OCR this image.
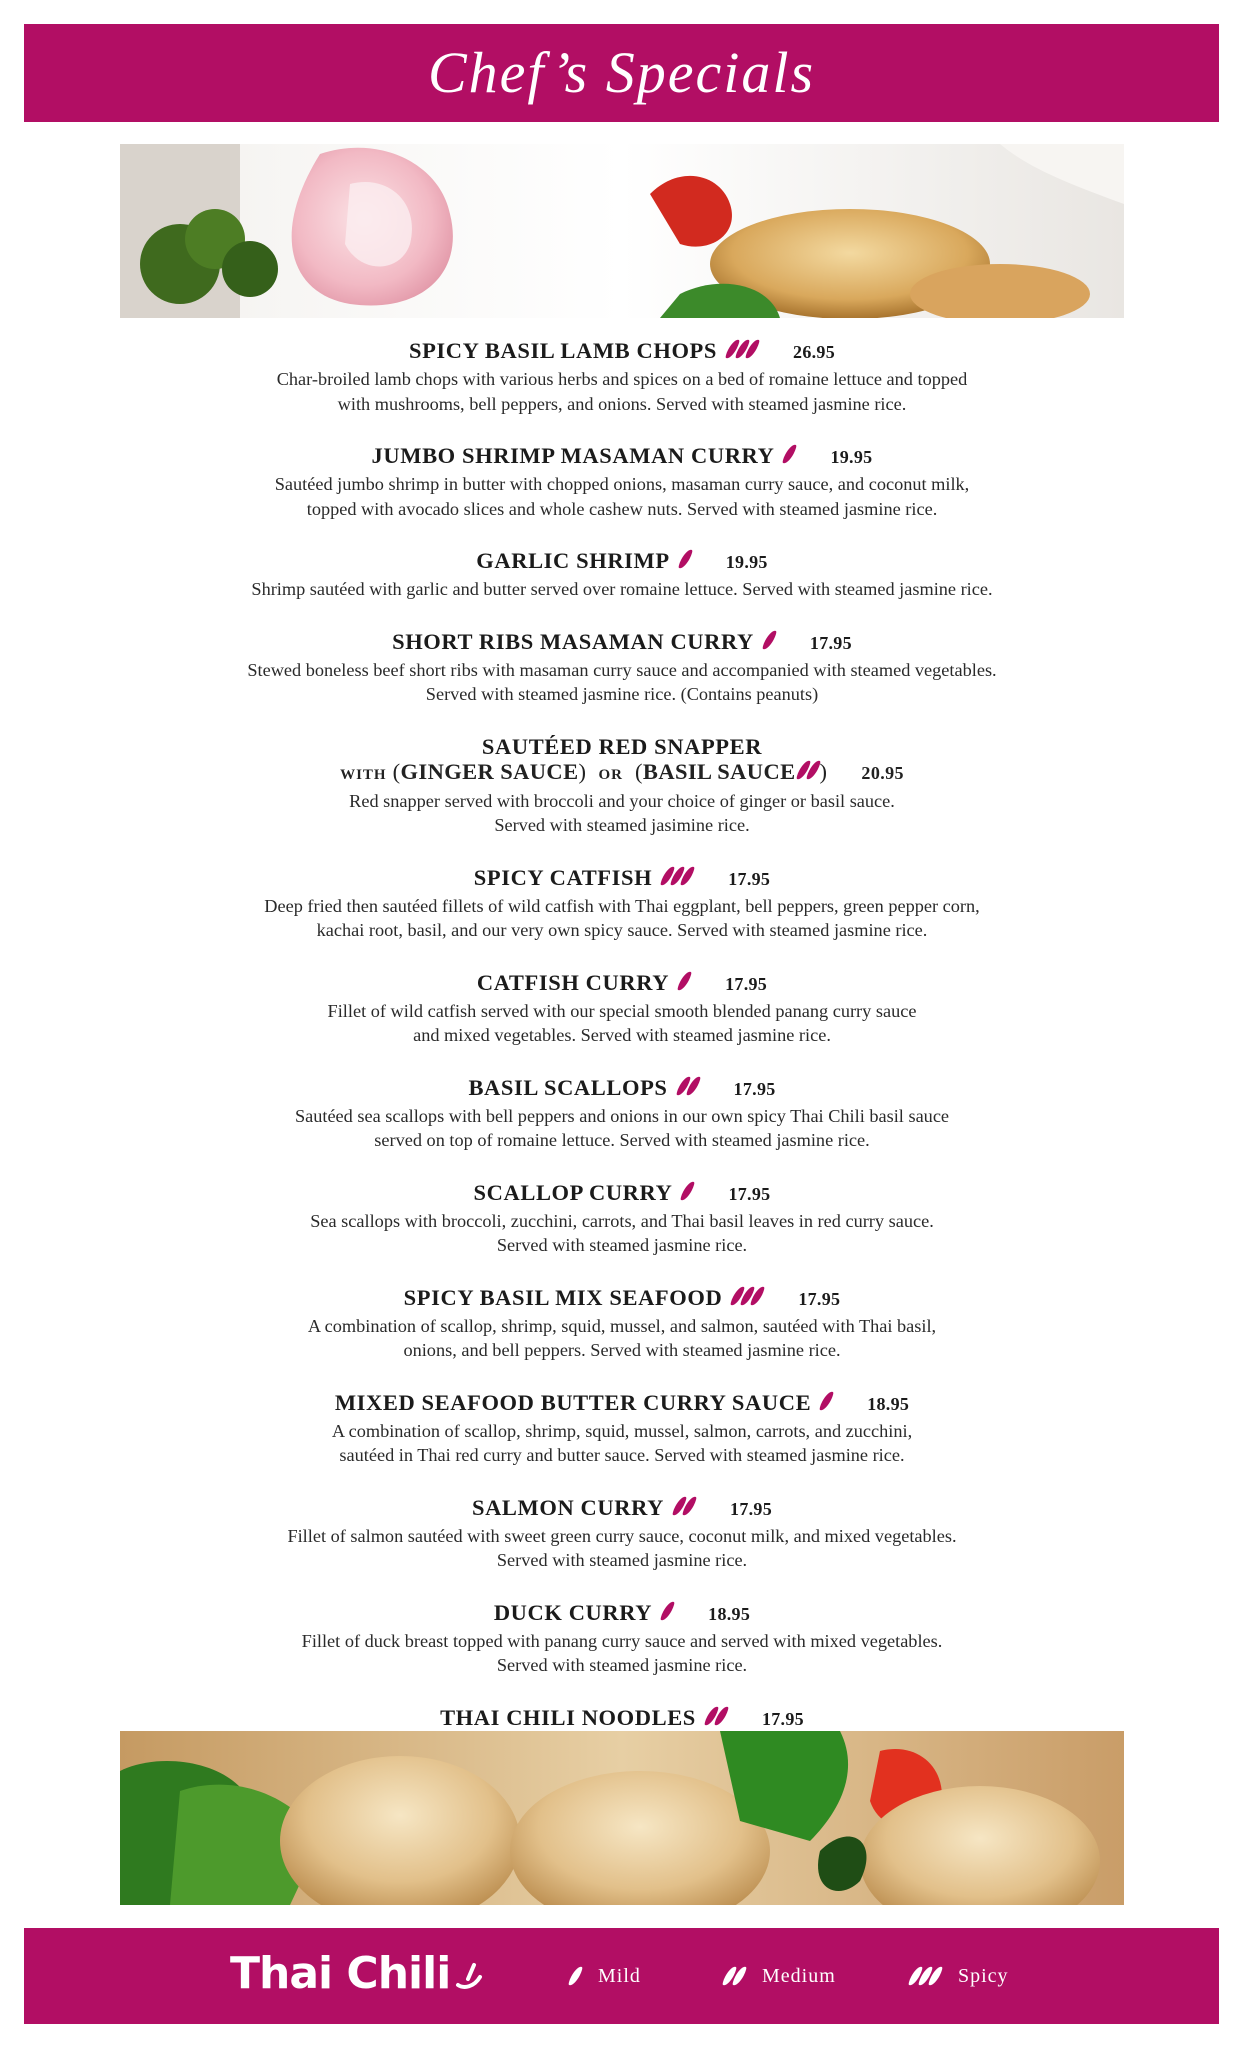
Chef’s Specials
SPICY BASIL LAMB CHOPS	26.95
Char-broiled lamb chops with various herbs and spices on a bed of romaine lettuce and topped
with mushrooms, bell peppers, and onions. Served with steamed jasmine rice.
JUMBO SHRIMP MASAMAN CURRY	19.95
Sautéed jumbo shrimp in butter with chopped onions, masaman curry sauce, and coconut milk,
topped with avocado slices and whole cashew nuts. Served with steamed jasmine rice.
GARLIC SHRIMP	19.95
Shrimp sautéed with garlic and butter served over romaine lettuce. Served with steamed jasmine rice.
SHORT RIBS MASAMAN CURRY	17.95
Stewed boneless beef short ribs with masaman curry sauce and accompanied with steamed vegetables.
Served with steamed jasmine rice. (Contains peanuts)
SAUTÉED RED SNAPPER
WITH (GINGER SAUCE) OR (BASIL SAUCE ) 20.95
Red snapper served with broccoli and your choice of ginger or basil sauce.
Served with steamed jasimine rice.
SPICY CATFISH	17.95
Deep fried then sautéed fillets of wild catfish with Thai eggplant, bell peppers, green pepper corn,
kachai root, basil, and our very own spicy sauce. Served with steamed jasmine rice.
CATFISH CURRY	17.95
Fillet of wild catfish served with our special smooth blended panang curry sauce
and mixed vegetables. Served with steamed jasmine rice.
BASIL SCALLOPS	17.95
Sautéed sea scallops with bell peppers and onions in our own spicy Thai Chili basil sauce
served on top of romaine lettuce. Served with steamed jasmine rice.
SCALLOP CURRY	17.95
Sea scallops with broccoli, zucchini, carrots, and Thai basil leaves in red curry sauce.
Served with steamed jasmine rice.
SPICY BASIL MIX SEAFOOD	17.95
A combination of scallop, shrimp, squid, mussel, and salmon, sautéed with Thai basil,
onions, and bell peppers. Served with steamed jasmine rice.
MIXED SEAFOOD BUTTER CURRY SAUCE	18.95
A combination of scallop, shrimp, squid, mussel, salmon, carrots, and zucchini,
sautéed in Thai red curry and butter sauce. Served with steamed jasmine rice.
SALMON CURRY	17.95
Fillet of salmon sautéed with sweet green curry sauce, coconut milk, and mixed vegetables.
Served with steamed jasmine rice.
DUCK CURRY	18.95
Fillet of duck breast topped with panang curry sauce and served with mixed vegetables.
Served with steamed jasmine rice.
THAI CHILI NOODLES	17.95

Thai Chili	Mild	Medium	Spicy
